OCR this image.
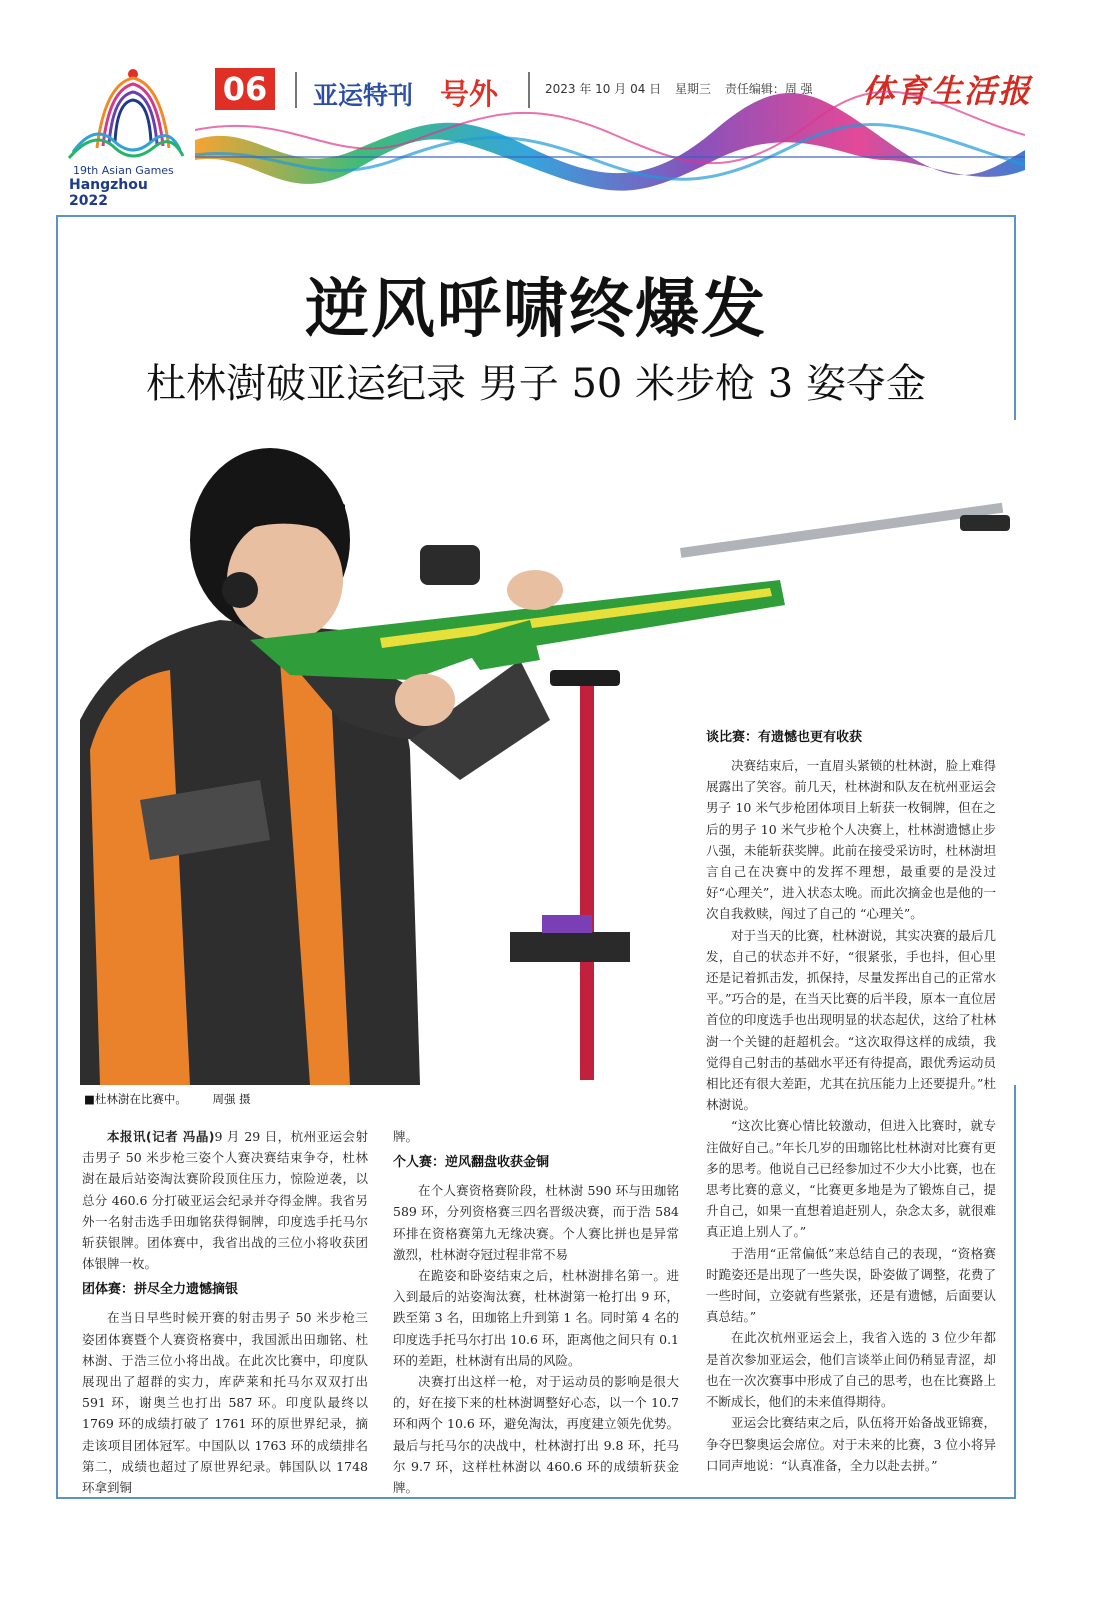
19th Asian Games
Hangzhou 2022
06	亚运特刊 号外	2023 年 10 月 04 日 星期三 责任编辑：周 强	体育生活报
逆风呼啸终爆发
杜林澍破亚运纪录 男子 50 米步枪 3 姿夺金
■杜林澍在比赛中。 周强 摄

本报讯(记者 冯晶)9 月 29 日，杭州亚运会射击男子 50 米步枪三姿个人赛决赛结束争夺，杜林澍在最后站姿淘汰赛阶段顶住压力，惊险逆袭，以总分 460.6 分打破亚运会纪录并夺得金牌。我省另外一名射击选手田珈铭获得铜牌，印度选手托马尔斩获银牌。团体赛中，我省出战的三位小将收获团体银牌一枚。

团体赛：拼尽全力遗憾摘银

在当日早些时候开赛的射击男子 50 米步枪三姿团体赛暨个人赛资格赛中，我国派出田珈铭、杜林澍、于浩三位小将出战。在此次比赛中，印度队展现出了超群的实力，库萨莱和托马尔双双打出 591 环，谢奥兰也打出 587 环。印度队最终以 1769 环的成绩打破了 1761 环的原世界纪录，摘走该项目团体冠军。中国队以 1763 环的成绩排名第二，成绩也超过了原世界纪录。韩国队以 1748 环拿到铜

牌。

个人赛：逆风翻盘收获金铜

在个人赛资格赛阶段，杜林澍 590 环与田珈铭 589 环，分列资格赛三四名晋级决赛，而于浩 584 环排在资格赛第九无缘决赛。个人赛比拼也是异常激烈，杜林澍夺冠过程非常不易

在跪姿和卧姿结束之后，杜林澍排名第一。进入到最后的站姿淘汰赛，杜林澍第一枪打出 9 环，跌至第 3 名，田珈铭上升到第 1 名。同时第 4 名的印度选手托马尔打出 10.6 环，距离他之间只有 0.1 环的差距，杜林澍有出局的风险。

决赛打出这样一枪，对于运动员的影响是很大的，好在接下来的杜林澍调整好心态，以一个 10.7 环和两个 10.6 环，避免淘汰，再度建立领先优势。最后与托马尔的决战中，杜林澍打出 9.8 环，托马尔 9.7 环，这样杜林澍以 460.6 环的成绩斩获金牌。

谈比赛：有遗憾也更有收获

决赛结束后，一直眉头紧锁的杜林澍，脸上难得展露出了笑容。前几天，杜林澍和队友在杭州亚运会男子 10 米气步枪团体项目上斩获一枚铜牌，但在之后的男子 10 米气步枪个人决赛上，杜林澍遗憾止步八强，未能斩获奖牌。此前在接受采访时，杜林澍坦言自己在决赛中的发挥不理想，最重要的是没过好“心理关”，进入状态太晚。而此次摘金也是他的一次自我救赎，闯过了自己的 “心理关”。

对于当天的比赛，杜林澍说，其实决赛的最后几发，自己的状态并不好，“很紧张，手也抖，但心里还是记着抓击发，抓保持，尽量发挥出自己的正常水平。”巧合的是，在当天比赛的后半段，原本一直位居首位的印度选手也出现明显的状态起伏，这给了杜林澍一个关键的赶超机会。“这次取得这样的成绩，我觉得自己射击的基础水平还有待提高，跟优秀运动员相比还有很大差距，尤其在抗压能力上还要提升。”杜林澍说。

“这次比赛心情比较激动，但进入比赛时，就专注做好自己。”年长几岁的田珈铭比杜林澍对比赛有更多的思考。他说自己已经参加过不少大小比赛，也在思考比赛的意义，“比赛更多地是为了锻炼自己，提升自己，如果一直想着追赶别人，杂念太多，就很难真正追上别人了。”

于浩用“正常偏低”来总结自己的表现，“资格赛时跪姿还是出现了一些失误，卧姿做了调整，花费了一些时间，立姿就有些紧张，还是有遗憾，后面要认真总结。”

在此次杭州亚运会上，我省入选的 3 位少年都是首次参加亚运会，他们言谈举止间仍稍显青涩，却也在一次次赛事中形成了自己的思考，也在比赛路上不断成长，他们的未来值得期待。

亚运会比赛结束之后，队伍将开始备战亚锦赛，争夺巴黎奥运会席位。对于未来的比赛，3 位小将异口同声地说：“认真准备，全力以赴去拼。”
